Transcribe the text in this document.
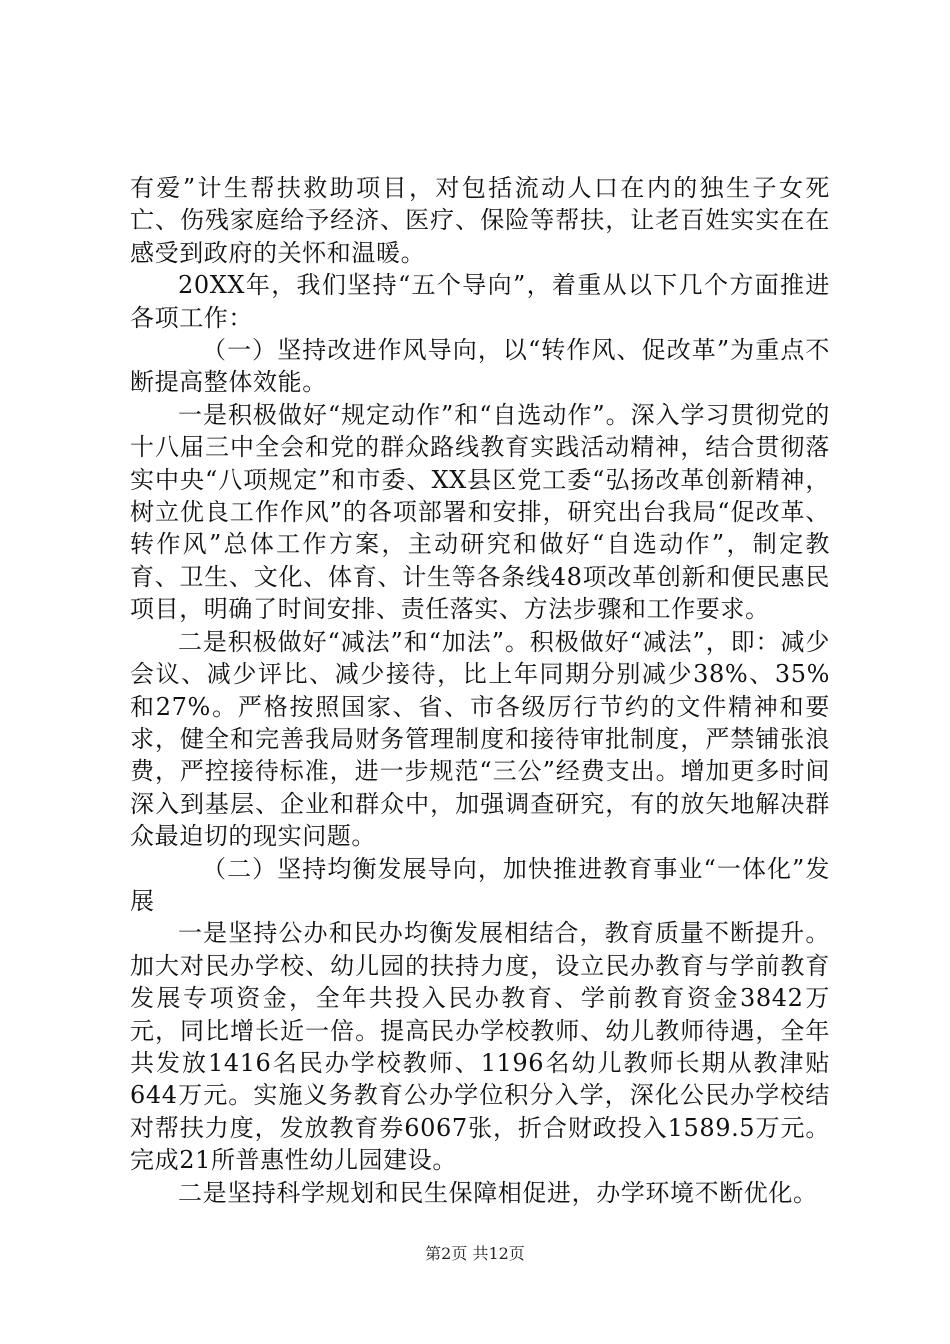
有爱”计生帮扶救助项目，对包括流动人口在内的独生子女死亡、伤残家庭给予经济、医疗、保险等帮扶，让老百姓实实在在感受到政府的关怀和温暖。

20XX年，我们坚持“五个导向”，着重从以下几个方面推进各项工作：

（一）坚持改进作风导向，以“转作风、促改革”为重点不断提高整体效能。

一是积极做好“规定动作”和“自选动作”。深入学习贯彻党的十八届三中全会和党的群众路线教育实践活动精神，结合贯彻落实中央“八项规定”和市委、XX县区党工委“弘扬改革创新精神，树立优良工作作风”的各项部署和安排，研究出台我局“促改革、转作风”总体工作方案，主动研究和做好“自选动作”，制定教育、卫生、文化、体育、计生等各条线48项改革创新和便民惠民项目，明确了时间安排、责任落实、方法步骤和工作要求。

二是积极做好“减法”和“加法”。积极做好“减法”，即：减少会议、减少评比、减少接待，比上年同期分别减少38%、35%和27%。严格按照国家、省、市各级厉行节约的文件精神和要求，健全和完善我局财务管理制度和接待审批制度，严禁铺张浪费，严控接待标准，进一步规范“三公”经费支出。增加更多时间深入到基层、企业和群众中，加强调查研究，有的放矢地解决群众最迫切的现实问题。

（二）坚持均衡发展导向，加快推进教育事业“一体化”发展

一是坚持公办和民办均衡发展相结合，教育质量不断提升。加大对民办学校、幼儿园的扶持力度，设立民办教育与学前教育发展专项资金，全年共投入民办教育、学前教育资金3842万元，同比增长近一倍。提高民办学校教师、幼儿教师待遇，全年共发放1416名民办学校教师、1196名幼儿教师长期从教津贴644万元。实施义务教育公办学位积分入学，深化公民办学校结对帮扶力度，发放教育券6067张，折合财政投入1589.5万元。完成21所普惠性幼儿园建设。

二是坚持科学规划和民生保障相促进，办学环境不断优化。

第2页 共12页
